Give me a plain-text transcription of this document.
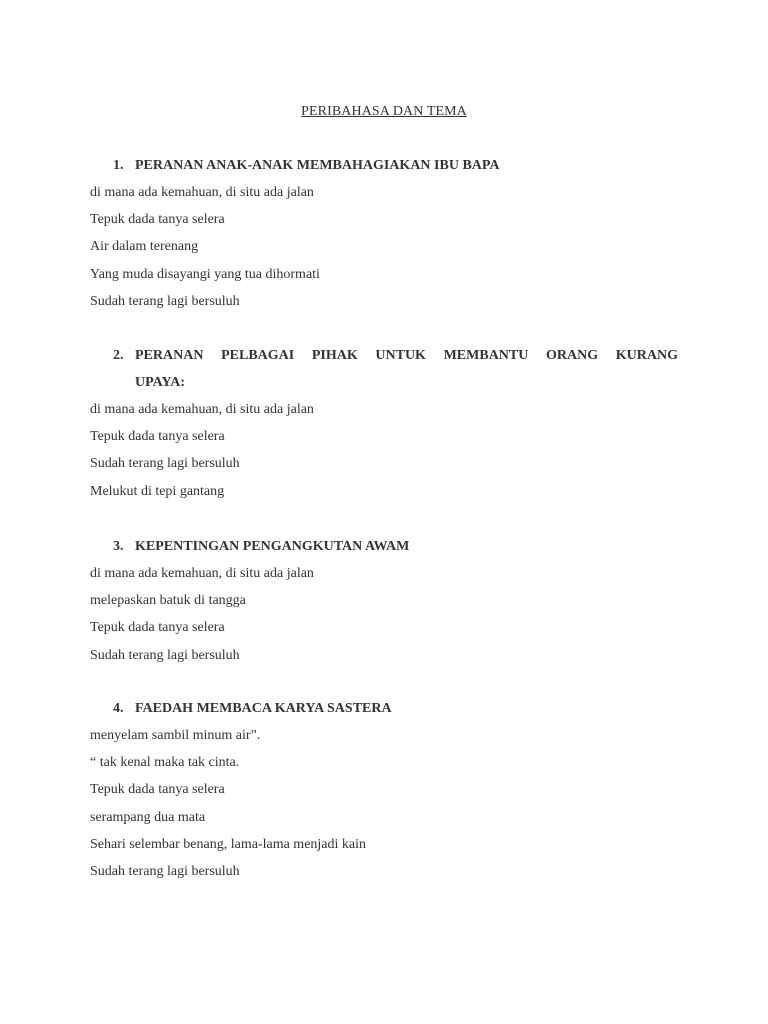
PERIBAHASA DAN TEMA
1. PERANAN ANAK-ANAK MEMBAHAGIAKAN IBU BAPA
di mana ada kemahuan, di situ ada jalan
Tepuk dada tanya selera
Air dalam terenang
Yang muda disayangi yang tua dihormati
Sudah terang lagi bersuluh
2. PERANAN PELBAGAI PIHAK UNTUK MEMBANTU ORANG KURANG
UPAYA:
di mana ada kemahuan, di situ ada jalan
Tepuk dada tanya selera
Sudah terang lagi bersuluh
Melukut di tepi gantang
3. KEPENTINGAN PENGANGKUTAN AWAM
di mana ada kemahuan, di situ ada jalan
melepaskan batuk di tangga
Tepuk dada tanya selera
Sudah terang lagi bersuluh
4. FAEDAH MEMBACA KARYA SASTERA
menyelam sambil minum air”.
“ tak kenal maka tak cinta.
Tepuk dada tanya selera
serampang dua mata
Sehari selembar benang, lama-lama menjadi kain
Sudah terang lagi bersuluh
